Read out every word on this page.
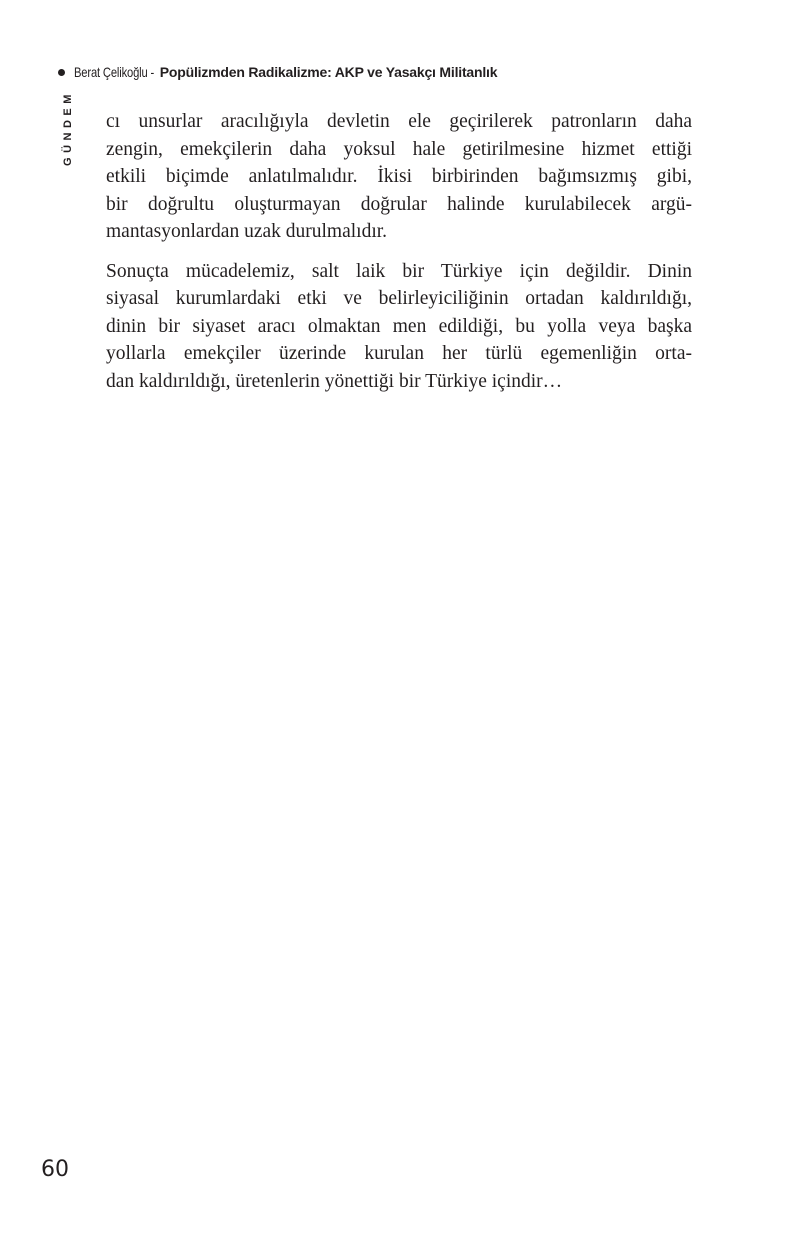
Berat Çelikoğlu - Popülizmden Radikalizme: AKP ve Yasakçı Militanlık
GÜNDEM cı unsurlar aracılığıyla devletin ele geçirilerek patronların daha
zengin, emekçilerin daha yoksul hale getirilmesine hizmet ettiği
etkili biçimde anlatılmalıdır. İkisi birbirinden bağımsızmış gibi,
bir doğrultu oluşturmayan doğrular halinde kurulabilecek argü-
mantasyonlardan uzak durulmalıdır.
Sonuçta mücadelemiz, salt laik bir Türkiye için değildir. Dinin
siyasal kurumlardaki etki ve belirleyiciliğinin ortadan kaldırıldığı,
dinin bir siyaset aracı olmaktan men edildiği, bu yolla veya başka
yollarla emekçiler üzerinde kurulan her türlü egemenliğin orta-
dan kaldırıldığı, üretenlerin yönettiği bir Türkiye içindir…
60
